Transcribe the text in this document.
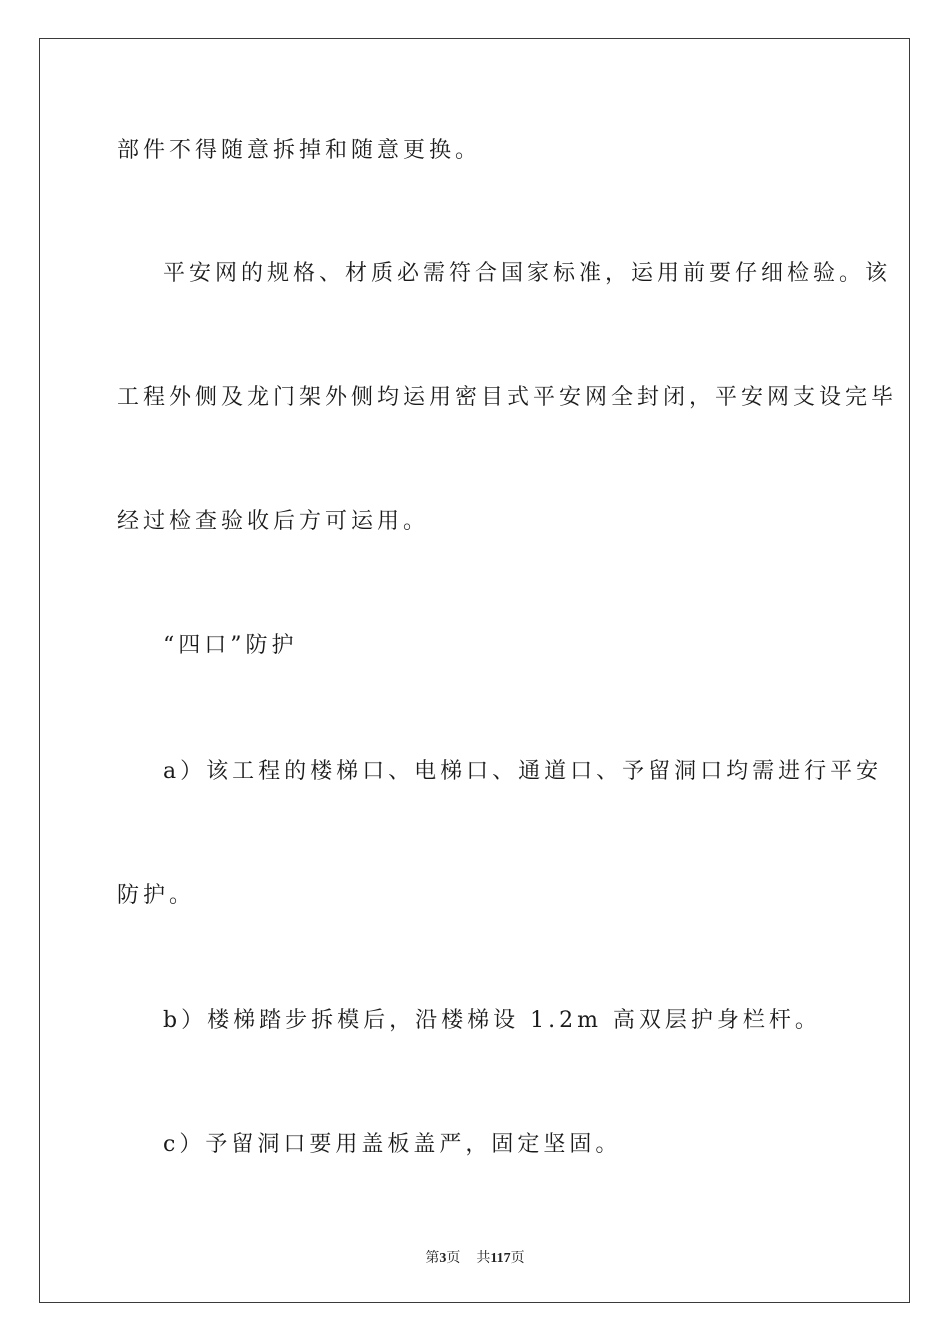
部件不得随意拆掉和随意更换。
平安网的规格、材质必需符合国家标准，运用前要仔细检验。该
工程外侧及龙门架外侧均运用密目式平安网全封闭，平安网支设完毕
经过检查验收后方可运用。
“四口”防护
a）该工程的楼梯口、电梯口、通道口、予留洞口均需进行平安
防护。
b）楼梯踏步拆模后，沿楼梯设 1.2m 高双层护身栏杆。
c）予留洞口要用盖板盖严，固定坚固。
第3页 共117页
